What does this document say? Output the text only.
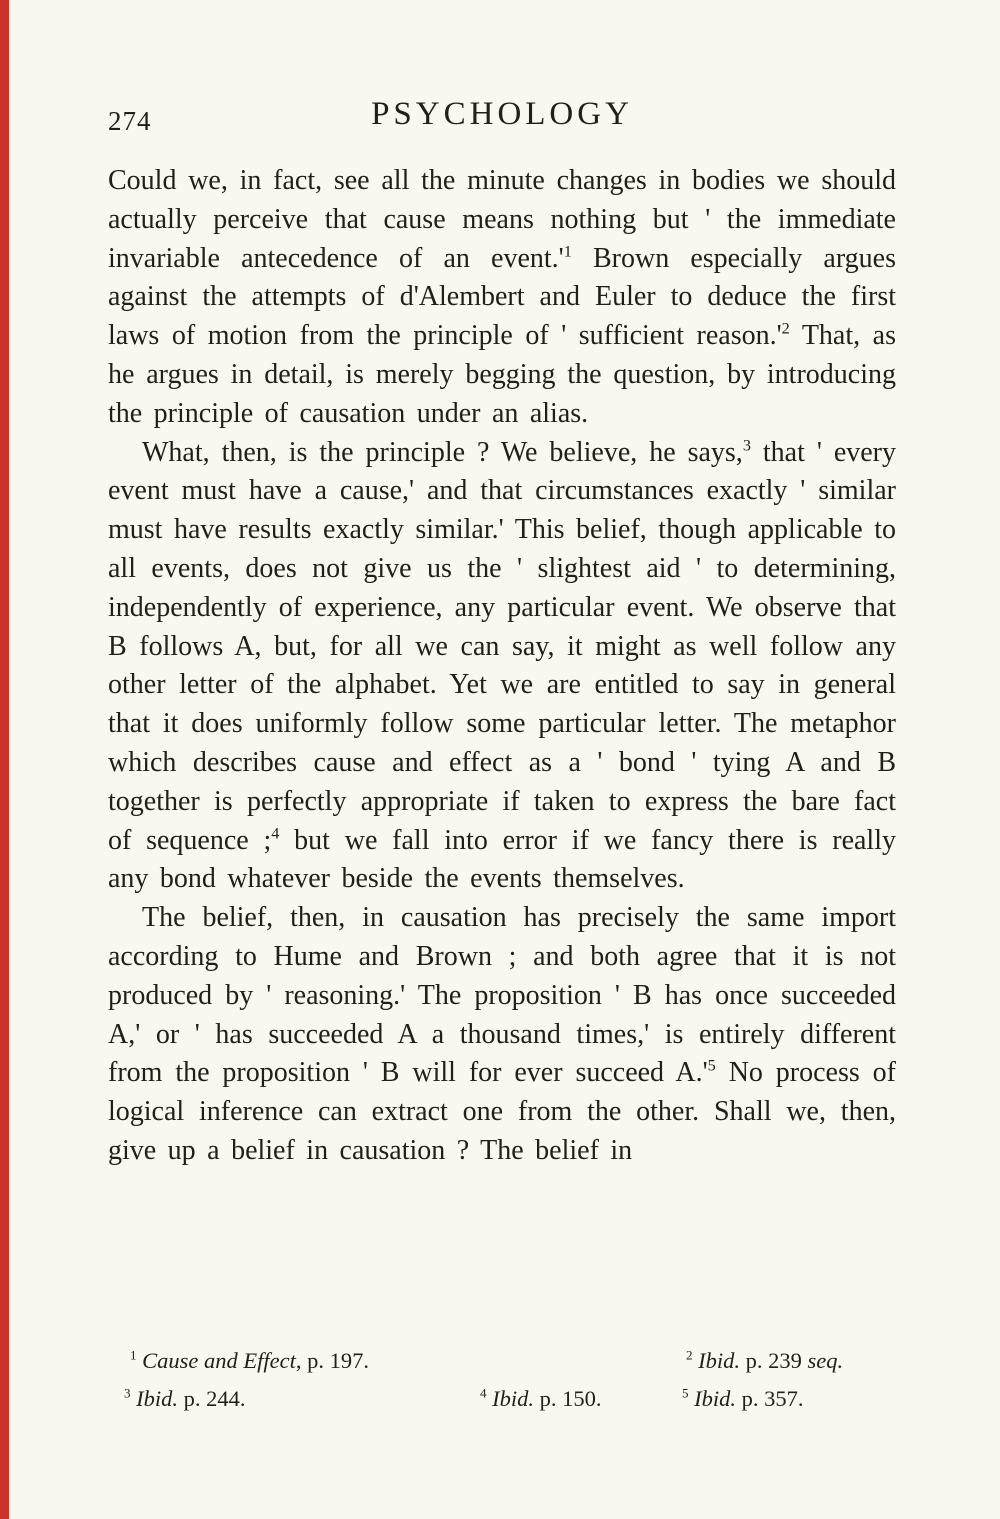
274	PSYCHOLOGY

Could we, in fact, see all the minute changes in bodies we should actually perceive that cause means nothing but ' the immediate invariable antecedence of an $event.'^1$ Brown especially argues against the attempts of d'Alembert and Euler to deduce the first laws of motion from the principle of ' sufficient $reason.'^2$ That, as he argues in detail, is merely begging the question, by introducing the principle of causation under an alias.

What, then, is the principle ? We believe, he says,$^3$ that ' every event must have a cause,' and that circumstances exactly ' similar must have results exactly similar.' This belief, though applicable to all events, does not give us the ' slightest aid ' to determining, independently of experience, any particular event. We observe that B follows A, but, for all we can say, it might as well follow any other letter of the alphabet. Yet we are entitled to say in general that it does uniformly follow some particular letter. The metaphor which describes cause and effect as a ' bond ' tying A and B together is perfectly appropriate if taken to express the bare fact of sequence ;$^4$ but we fall into error if we fancy there is really any bond whatever beside the events themselves.

The belief, then, in causation has precisely the same import according to Hume and Brown ; and both agree that it is not produced by ' reasoning.' The proposition ' B has once succeeded A,' or ' has succeeded A a thousand times,' is entirely different from the proposition ' B will for ever succeed $A.'^5$ No process of logical inference can extract one from the other. Shall we, then, give up a belief in causation ? The belief in

$^1$ Cause and Effect, p. 197.	$^2$ Ibid. p. 239 seq.
$^3$ Ibid. p. 244.	$^4$ Ibid. p. 150.	$^5$ Ibid. p. 357.
